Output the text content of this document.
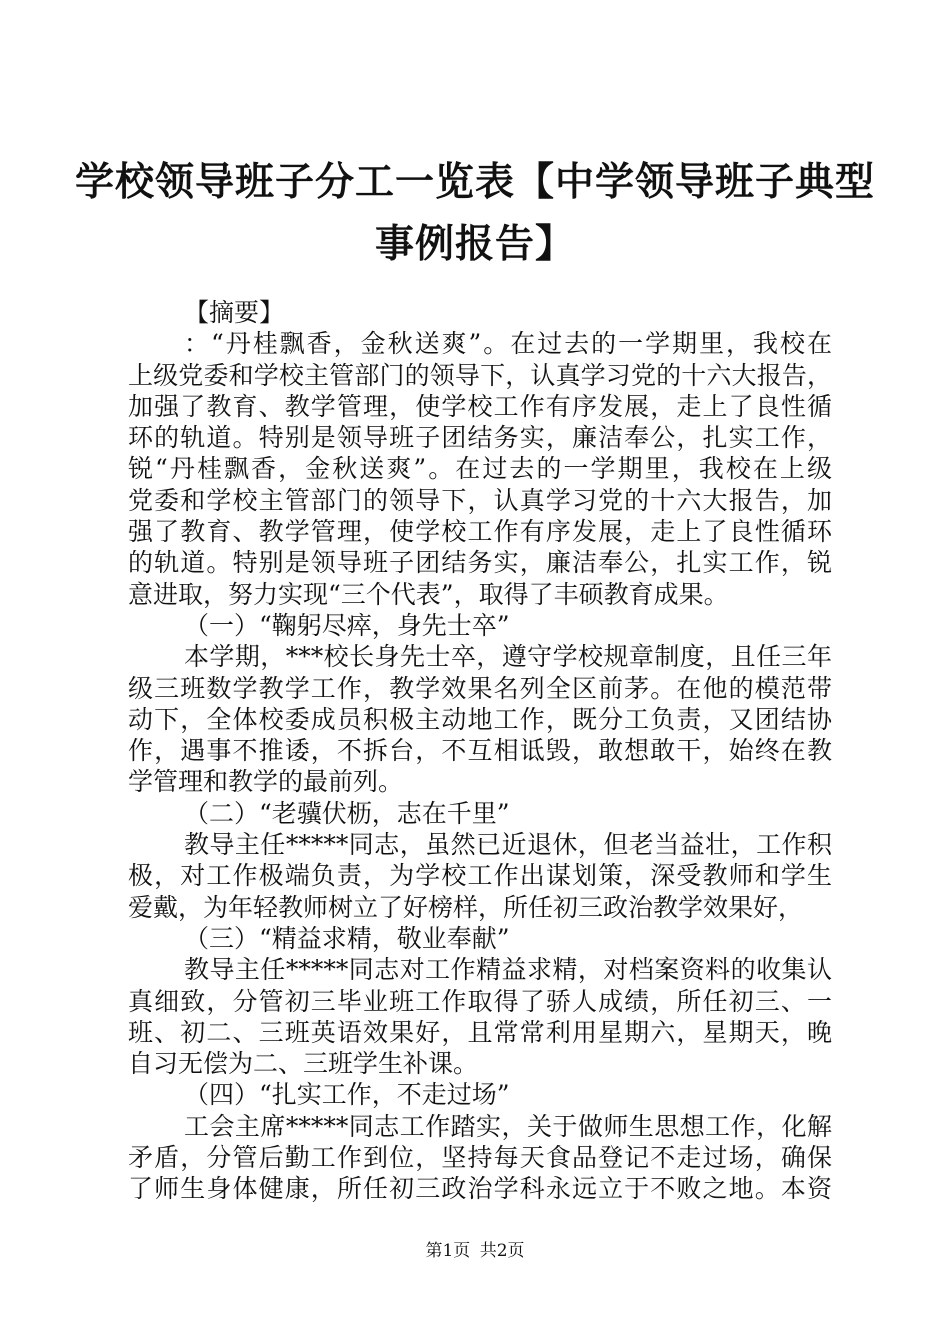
学校领导班子分工一览表【中学领导班子典型
事例报告】
【摘要】
：“丹桂飘香，金秋送爽”。在过去的一学期里，我校在
上级党委和学校主管部门的领导下，认真学习党的十六大报告，
加强了教育、教学管理，使学校工作有序发展，走上了良性循
环的轨道。特别是领导班子团结务实，廉洁奉公，扎实工作，
锐“丹桂飘香，金秋送爽”。在过去的一学期里，我校在上级
党委和学校主管部门的领导下，认真学习党的十六大报告，加
强了教育、教学管理，使学校工作有序发展，走上了良性循环
的轨道。特别是领导班子团结务实，廉洁奉公，扎实工作，锐
意进取，努力实现“三个代表”，取得了丰硕教育成果。
（一）“鞠躬尽瘁，身先士卒”
本学期，***校长身先士卒，遵守学校规章制度，且任三年
级三班数学教学工作，教学效果名列全区前茅。在他的模范带
动下，全体校委成员积极主动地工作，既分工负责，又团结协
作，遇事不推诿，不拆台，不互相诋毁，敢想敢干，始终在教
学管理和教学的最前列。
（二）“老骥伏枥，志在千里”
教导主任*****同志，虽然已近退休，但老当益壮，工作积
极，对工作极端负责，为学校工作出谋划策，深受教师和学生
爱戴，为年轻教师树立了好榜样，所任初三政治教学效果好，
（三）“精益求精，敬业奉献”
教导主任*****同志对工作精益求精，对档案资料的收集认
真细致，分管初三毕业班工作取得了骄人成绩，所任初三、一
班、初二、三班英语效果好，且常常利用星期六，星期天，晚
自习无偿为二、三班学生补课。
（四）“扎实工作，不走过场”
工会主席*****同志工作踏实，关于做师生思想工作，化解
矛盾，分管后勤工作到位，坚持每天食品登记不走过场，确保
了师生身体健康，所任初三政治学科永远立于不败之地。本资
第1页 共2页
